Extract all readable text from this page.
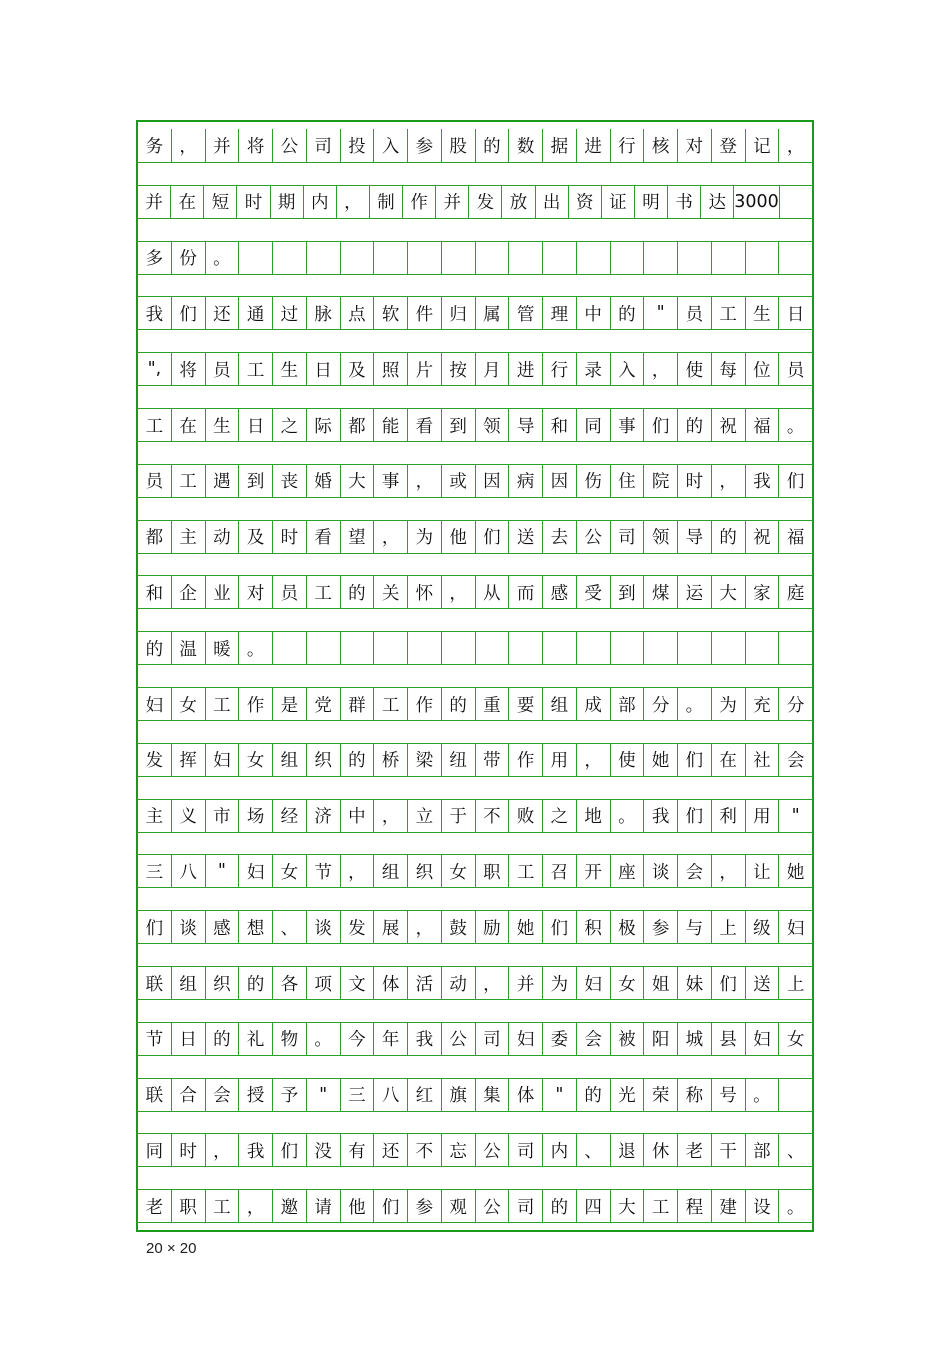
务 ， 并 将 公 司 投 入 参 股 的 数 据 进 行 核 对 登 记 ，
并 在 短 时 期 内 ， 制 作 并 发 放 出 资 证 明 书 达 3000
多 份 。
我 们 还 通 过 脉 点 软 件 归 属 管 理 中 的	"	员 工 生 日
",	将 员 工 生 日 及 照 片 按 月 进 行 录 入 ， 使 每 位 员
工 在 生 日 之 际 都 能 看 到 领 导 和 同 事 们 的 祝 福 。
员 工 遇 到 丧 婚 大 事 ， 或 因 病 因 伤 住 院 时 ， 我 们
都 主 动 及 时 看 望 ， 为 他 们 送 去 公 司 领 导 的 祝 福
和 企 业 对 员 工 的 关 怀 ， 从 而 感 受 到 煤 运 大 家 庭
的 温 暖 。
妇 女 工 作 是 党 群 工 作 的 重 要 组 成 部 分 。 为 充 分
发 挥 妇 女 组 织 的 桥 梁 纽 带 作 用 ， 使 她 们 在 社 会
主 义 市 场 经 济 中 ， 立 于 不 败 之 地 。 我 们 利 用	"
三 八	"	妇 女 节 ， 组 织 女 职 工 召 开 座 谈 会 ， 让 她
们 谈 感 想 、 谈 发 展 ， 鼓 励 她 们 积 极 参 与 上 级 妇
联 组 织 的 各 项 文 体 活 动 ， 并 为 妇 女 姐 妹 们 送 上
节 日 的 礼 物 。 今 年 我 公 司 妇 委 会 被 阳 城 县 妇 女
联 合 会 授 予	"	三 八 红 旗 集 体	"	的 光 荣 称 号 。
同 时 ， 我 们 没 有 还 不 忘 公 司 内 、 退 休 老 干 部 、
老 职 工 ， 邀 请 他 们 参 观 公 司 的 四 大 工 程 建 设 。
20 × 20
